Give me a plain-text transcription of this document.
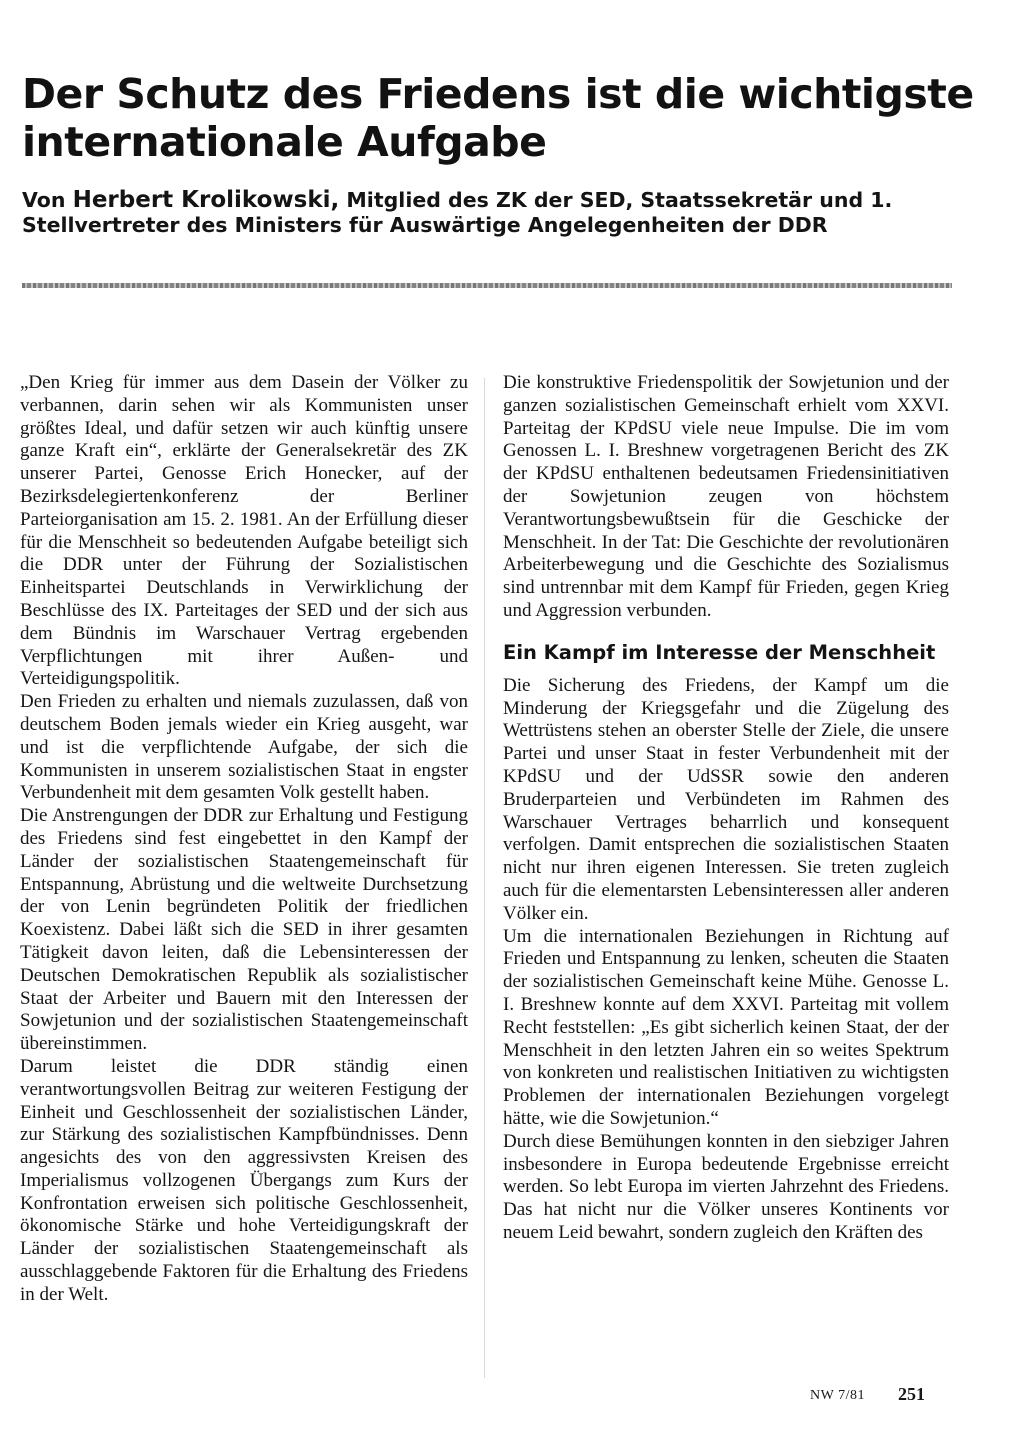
Der Schutz des Friedens ist die wichtigste internationale Aufgabe

Von Herbert Krolikowski, Mitglied des ZK der SED, Staatssekretär und 1. Stellvertreter des Ministers für Auswärtige Angelegenheiten der DDR

„Den Krieg für immer aus dem Dasein der Völker zu verbannen, darin sehen wir als Kommunisten unser größtes Ideal, und dafür setzen wir auch künftig unsere ganze Kraft ein“, erklärte der Generalsekretär des ZK unserer Partei, Genosse Erich Honecker, auf der Bezirksdelegiertenkonferenz der Berliner Parteiorganisation am 15. 2. 1981. An der Erfüllung dieser für die Menschheit so bedeutenden Aufgabe beteiligt sich die DDR unter der Führung der Sozialistischen Einheitspartei Deutschlands in Verwirklichung der Beschlüsse des IX. Parteitages der SED und der sich aus dem Bündnis im Warschauer Vertrag ergebenden Verpflichtungen mit ihrer Außen- und Verteidigungspolitik.

Den Frieden zu erhalten und niemals zuzulassen, daß von deutschem Boden jemals wieder ein Krieg ausgeht, war und ist die verpflichtende Aufgabe, der sich die Kommunisten in unserem sozialistischen Staat in engster Verbundenheit mit dem gesamten Volk gestellt haben.

Die Anstrengungen der DDR zur Erhaltung und Festigung des Friedens sind fest eingebettet in den Kampf der Länder der sozialistischen Staatengemeinschaft für Entspannung, Abrüstung und die weltweite Durchsetzung der von Lenin begründeten Politik der friedlichen Koexistenz. Dabei läßt sich die SED in ihrer gesamten Tätigkeit davon leiten, daß die Lebensinteressen der Deutschen Demokratischen Republik als sozialistischer Staat der Arbeiter und Bauern mit den Interessen der Sowjetunion und der sozialistischen Staatengemeinschaft übereinstimmen.

Darum leistet die DDR ständig einen verantwortungsvollen Beitrag zur weiteren Festigung der Einheit und Geschlossenheit der sozialistischen Länder, zur Stärkung des sozialistischen Kampfbündnisses. Denn angesichts des von den aggressivsten Kreisen des Imperialismus vollzogenen Übergangs zum Kurs der Konfrontation erweisen sich politische Geschlossenheit, ökonomische Stärke und hohe Verteidigungskraft der Länder der sozialistischen Staatengemeinschaft als ausschlaggebende Faktoren für die Erhaltung des Friedens in der Welt.

Die konstruktive Friedenspolitik der Sowjetunion und der ganzen sozialistischen Gemeinschaft erhielt vom XXVI. Parteitag der KPdSU viele neue Impulse. Die im vom Genossen L. I. Breshnew vorgetragenen Bericht des ZK der KPdSU enthaltenen bedeutsamen Friedensinitiativen der Sowjetunion zeugen von höchstem Verantwortungsbewußtsein für die Geschicke der Menschheit. In der Tat: Die Geschichte der revolutionären Arbeiterbewegung und die Geschichte des Sozialismus sind untrennbar mit dem Kampf für Frieden, gegen Krieg und Aggression verbunden.

Ein Kampf im Interesse der Menschheit

Die Sicherung des Friedens, der Kampf um die Minderung der Kriegsgefahr und die Zügelung des Wettrüstens stehen an oberster Stelle der Ziele, die unsere Partei und unser Staat in fester Verbundenheit mit der KPdSU und der UdSSR sowie den anderen Bruderparteien und Verbündeten im Rahmen des Warschauer Vertrages beharrlich und konsequent verfolgen. Damit entsprechen die sozialistischen Staaten nicht nur ihren eigenen Interessen. Sie treten zugleich auch für die elementarsten Lebensinteressen aller anderen Völker ein.

Um die internationalen Beziehungen in Richtung auf Frieden und Entspannung zu lenken, scheuten die Staaten der sozialistischen Gemeinschaft keine Mühe. Genosse L. I. Breshnew konnte auf dem XXVI. Parteitag mit vollem Recht feststellen: „Es gibt sicherlich keinen Staat, der der Menschheit in den letzten Jahren ein so weites Spektrum von konkreten und realistischen Initiativen zu wichtigsten Problemen der internationalen Beziehungen vorgelegt hätte, wie die Sowjetunion.“

Durch diese Bemühungen konnten in den siebziger Jahren insbesondere in Europa bedeutende Ergebnisse erreicht werden. So lebt Europa im vierten Jahrzehnt des Friedens. Das hat nicht nur die Völker unseres Kontinents vor neuem Leid bewahrt, sondern zugleich den Kräften des

NW 7/81 251
